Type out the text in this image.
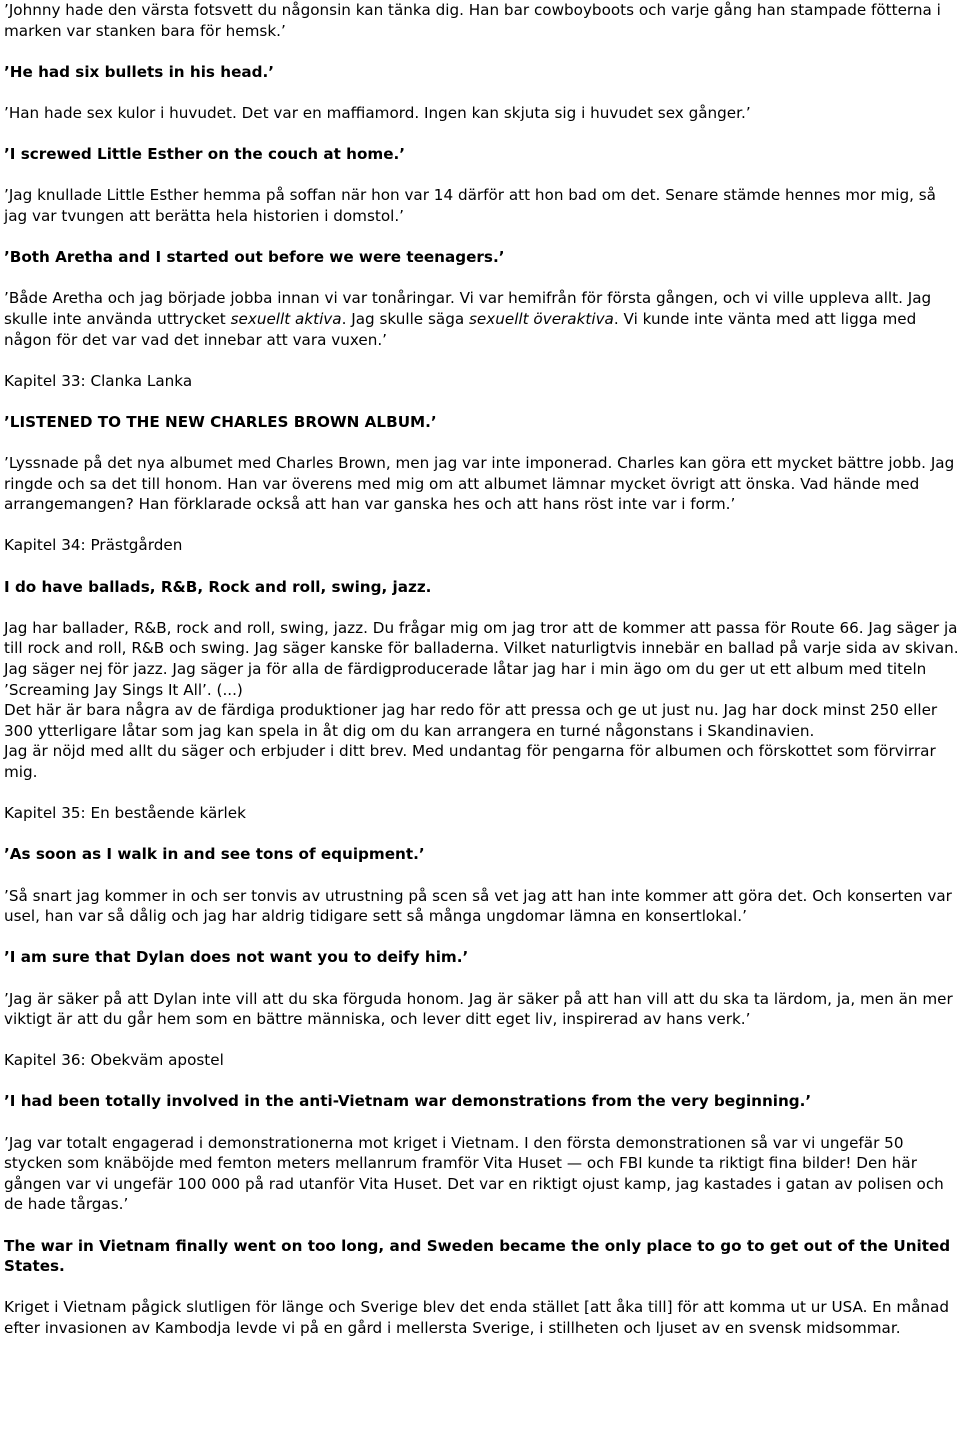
’Johnny hade den värsta fotsvett du någonsin kan tänka dig. Han bar cowboyboots och varje gång han stampade fötterna i marken var stanken bara för hemsk.’

’He had six bullets in his head.’

’Han hade sex kulor i huvudet. Det var en maffiamord. Ingen kan skjuta sig i huvudet sex gånger.’

’I screwed Little Esther on the couch at home.’

’Jag knullade Little Esther hemma på soffan när hon var 14 därför att hon bad om det. Senare stämde hennes mor mig, så jag var tvungen att berätta hela historien i domstol.’

’Both Aretha and I started out before we were teenagers.’

’Både Aretha och jag började jobba innan vi var tonåringar. Vi var hemifrån för första gången, och vi ville uppleva allt. Jag skulle inte använda uttrycket sexuellt aktiva. Jag skulle säga sexuellt överaktiva. Vi kunde inte vänta med att ligga med någon för det var vad det innebar att vara vuxen.’

Kapitel 33: Clanka Lanka

’LISTENED TO THE NEW CHARLES BROWN ALBUM.’

’Lyssnade på det nya albumet med Charles Brown, men jag var inte imponerad. Charles kan göra ett mycket bättre jobb. Jag ringde och sa det till honom. Han var överens med mig om att albumet lämnar mycket övrigt att önska. Vad hände med arrangemangen? Han förklarade också att han var ganska hes och att hans röst inte var i form.’

Kapitel 34: Prästgården

I do have ballads, R&B, Rock and roll, swing, jazz.

Jag har ballader, R&B, rock and roll, swing, jazz. Du frågar mig om jag tror att de kommer att passa för Route 66. Jag säger ja till rock and roll, R&B och swing. Jag säger kanske för balladerna. Vilket naturligtvis innebär en ballad på varje sida av skivan. Jag säger nej för jazz. Jag säger ja för alla de färdigproducerade låtar jag har i min ägo om du ger ut ett album med titeln ’Screaming Jay Sings It All’. (...)

Det här är bara några av de färdiga produktioner jag har redo för att pressa och ge ut just nu. Jag har dock minst 250 eller 300 ytterligare låtar som jag kan spela in åt dig om du kan arrangera en turné någonstans i Skandinavien.

Jag är nöjd med allt du säger och erbjuder i ditt brev. Med undantag för pengarna för albumen och förskottet som förvirrar mig.

Kapitel 35: En bestående kärlek

’As soon as I walk in and see tons of equipment.’

’Så snart jag kommer in och ser tonvis av utrustning på scen så vet jag att han inte kommer att göra det. Och konserten var usel, han var så dålig och jag har aldrig tidigare sett så många ungdomar lämna en konsertlokal.’

’I am sure that Dylan does not want you to deify him.’

’Jag är säker på att Dylan inte vill att du ska förguda honom. Jag är säker på att han vill att du ska ta lärdom, ja, men än mer viktigt är att du går hem som en bättre människa, och lever ditt eget liv, inspirerad av hans verk.’

Kapitel 36: Obekväm apostel

’I had been totally involved in the anti-Vietnam war demonstrations from the very beginning.’

’Jag var totalt engagerad i demonstrationerna mot kriget i Vietnam. I den första demonstrationen så var vi ungefär 50 stycken som knäböjde med femton meters mellanrum framför Vita Huset — och FBI kunde ta riktigt fina bilder! Den här gången var vi ungefär 100 000 på rad utanför Vita Huset. Det var en riktigt ojust kamp, jag kastades i gatan av polisen och de hade tårgas.’

The war in Vietnam finally went on too long, and Sweden became the only place to go to get out of the United States.

Kriget i Vietnam pågick slutligen för länge och Sverige blev det enda stället [att åka till] för att komma ut ur USA. En månad efter invasionen av Kambodja levde vi på en gård i mellersta Sverige, i stillheten och ljuset av en svensk midsommar.
